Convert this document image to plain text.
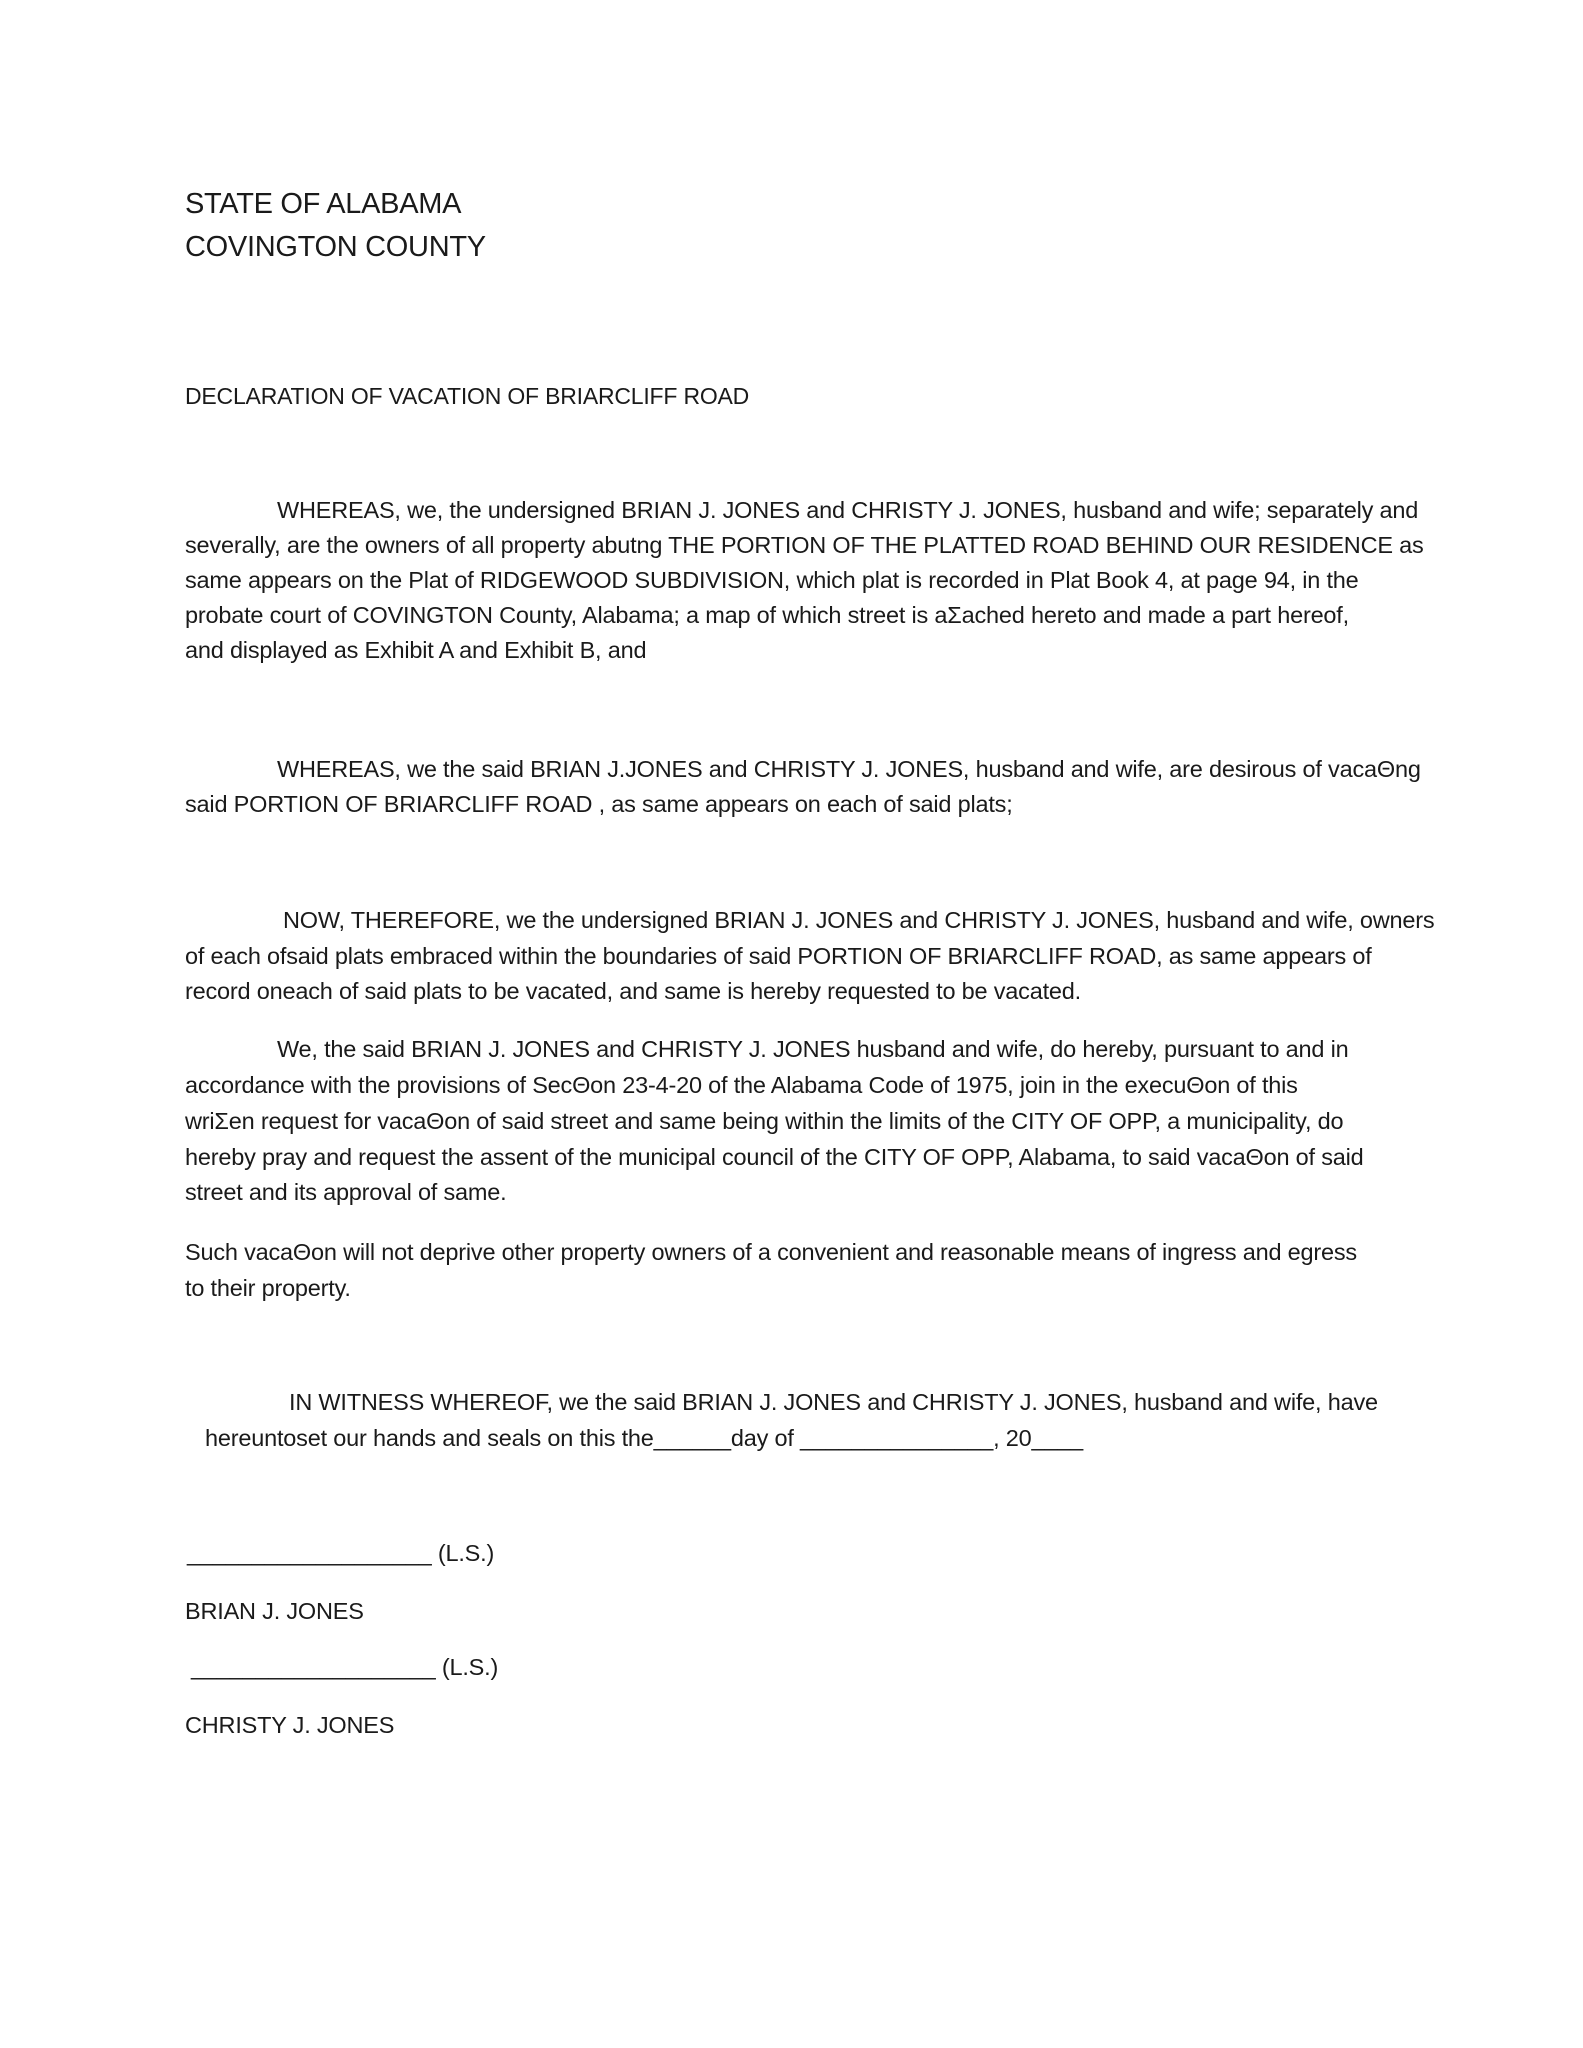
STATE OF ALABAMA
COVINGTON COUNTY
DECLARATION OF VACATION OF BRIARCLIFF ROAD
WHEREAS, we, the undersigned BRIAN J. JONES and CHRISTY J. JONES, husband and wife; separately and
severally, are the owners of all property abutng THE PORTION OF THE PLATTED ROAD BEHIND OUR RESIDENCE as
same appears on the Plat of RIDGEWOOD SUBDIVISION, which plat is recorded in Plat Book 4, at page 94, in the
probate court of COVINGTON County, Alabama; a map of which street is aΣached hereto and made a part hereof,
and displayed as Exhibit A and Exhibit B, and
WHEREAS, we the said BRIAN J.JONES and CHRISTY J. JONES, husband and wife, are desirous of vacaΘng
said PORTION OF BRIARCLIFF ROAD , as same appears on each of said plats;
NOW, THEREFORE, we the undersigned BRIAN J. JONES and CHRISTY J. JONES, husband and wife, owners
of each ofsaid plats embraced within the boundaries of said PORTION OF BRIARCLIFF ROAD, as same appears of
record oneach of said plats to be vacated, and same is hereby requested to be vacated.
We, the said BRIAN J. JONES and CHRISTY J. JONES husband and wife, do hereby, pursuant to and in
accordance with the provisions of SecΘon 23-4-20 of the Alabama Code of 1975, join in the execuΘon of this
wriΣen request for vacaΘon of said street and same being within the limits of the CITY OF OPP, a municipality, do
hereby pray and request the assent of the municipal council of the CITY OF OPP, Alabama, to said vacaΘon of said
street and its approval of same.
Such vacaΘon will not deprive other property owners of a convenient and reasonable means of ingress and egress
to their property.
IN WITNESS WHEREOF, we the said BRIAN J. JONES and CHRISTY J. JONES, husband and wife, have
hereuntoset our hands and seals on this the______day of _______________, 20____
___________________ (L.S.)
BRIAN J. JONES
___________________ (L.S.)
CHRISTY J. JONES
